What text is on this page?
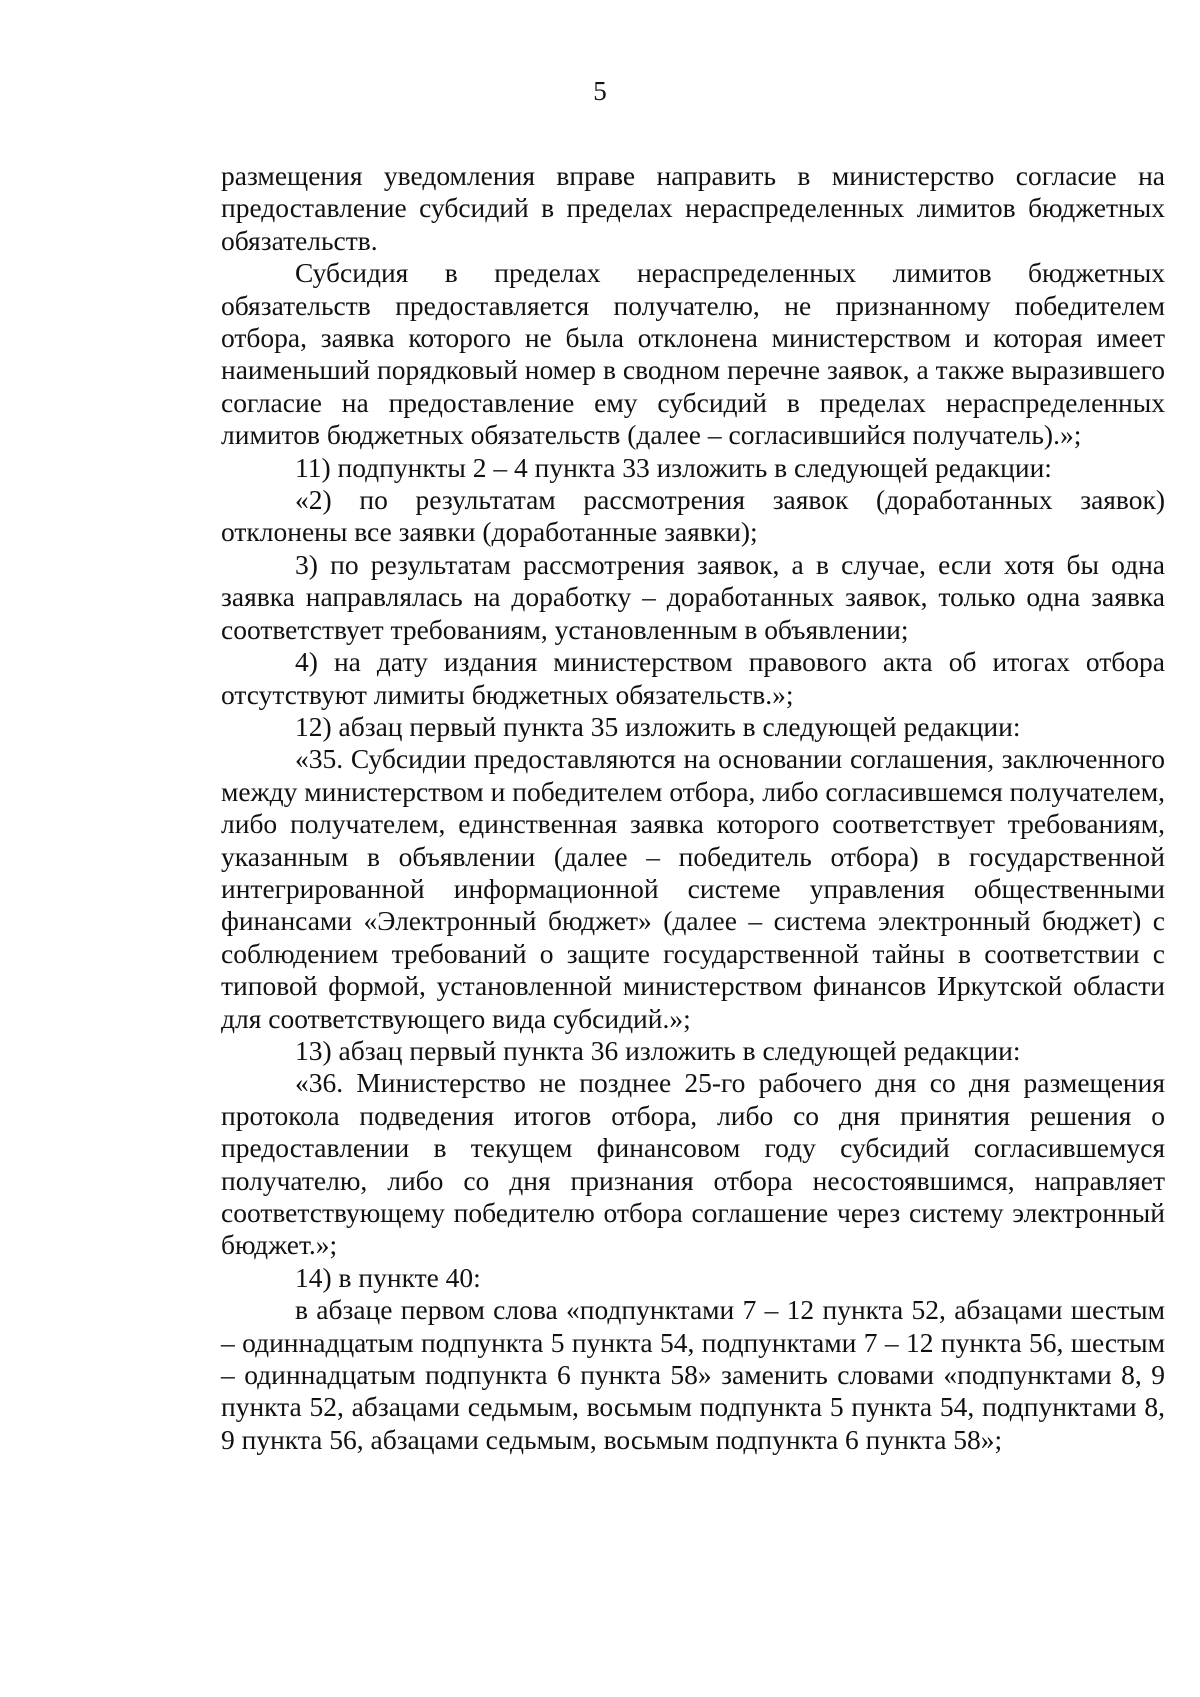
5

размещения уведомления вправе направить в министерство согласие на предоставление субсидий в пределах нераспределенных лимитов бюджетных обязательств.

Субсидия в пределах нераспределенных лимитов бюджетных обязательств предоставляется получателю, не признанному победителем отбора, заявка которого не была отклонена министерством и которая имеет наименьший порядковый номер в сводном перечне заявок, а также выразившего согласие на предоставление ему субсидий в пределах нераспределенных лимитов бюджетных обязательств (далее – согласившийся получатель).»;

11) подпункты 2 – 4 пункта 33 изложить в следующей редакции:

«2) по результатам рассмотрения заявок (доработанных заявок) отклонены все заявки (доработанные заявки);

3) по результатам рассмотрения заявок, а в случае, если хотя бы одна заявка направлялась на доработку – доработанных заявок, только одна заявка соответствует требованиям, установленным в объявлении;

4) на дату издания министерством правового акта об итогах отбора отсутствуют лимиты бюджетных обязательств.»;

12) абзац первый пункта 35 изложить в следующей редакции:

«35. Субсидии предоставляются на основании соглашения, заключенного между министерством и победителем отбора, либо согласившемся получателем, либо получателем, единственная заявка которого соответствует требованиям, указанным в объявлении (далее – победитель отбора) в государственной интегрированной информационной системе управления общественными финансами «Электронный бюджет» (далее – система электронный бюджет) с соблюдением требований о защите государственной тайны в соответствии с типовой формой, установленной министерством финансов Иркутской области для соответствующего вида субсидий.»;

13) абзац первый пункта 36 изложить в следующей редакции:

«36. Министерство не позднее 25-го рабочего дня со дня размещения протокола подведения итогов отбора, либо со дня принятия решения о предоставлении в текущем финансовом году субсидий согласившемуся получателю, либо со дня признания отбора несостоявшимся, направляет соответствующему победителю отбора соглашение через систему электронный бюджет.»;

14) в пункте 40:

в абзаце первом слова «подпунктами 7 – 12 пункта 52, абзацами шестым – одиннадцатым подпункта 5 пункта 54, подпунктами 7 – 12 пункта 56, шестым – одиннадцатым подпункта 6 пункта 58» заменить словами «подпунктами 8, 9 пункта 52, абзацами седьмым, восьмым подпункта 5 пункта 54, подпунктами 8, 9 пункта 56, абзацами седьмым, восьмым подпункта 6 пункта 58»;
